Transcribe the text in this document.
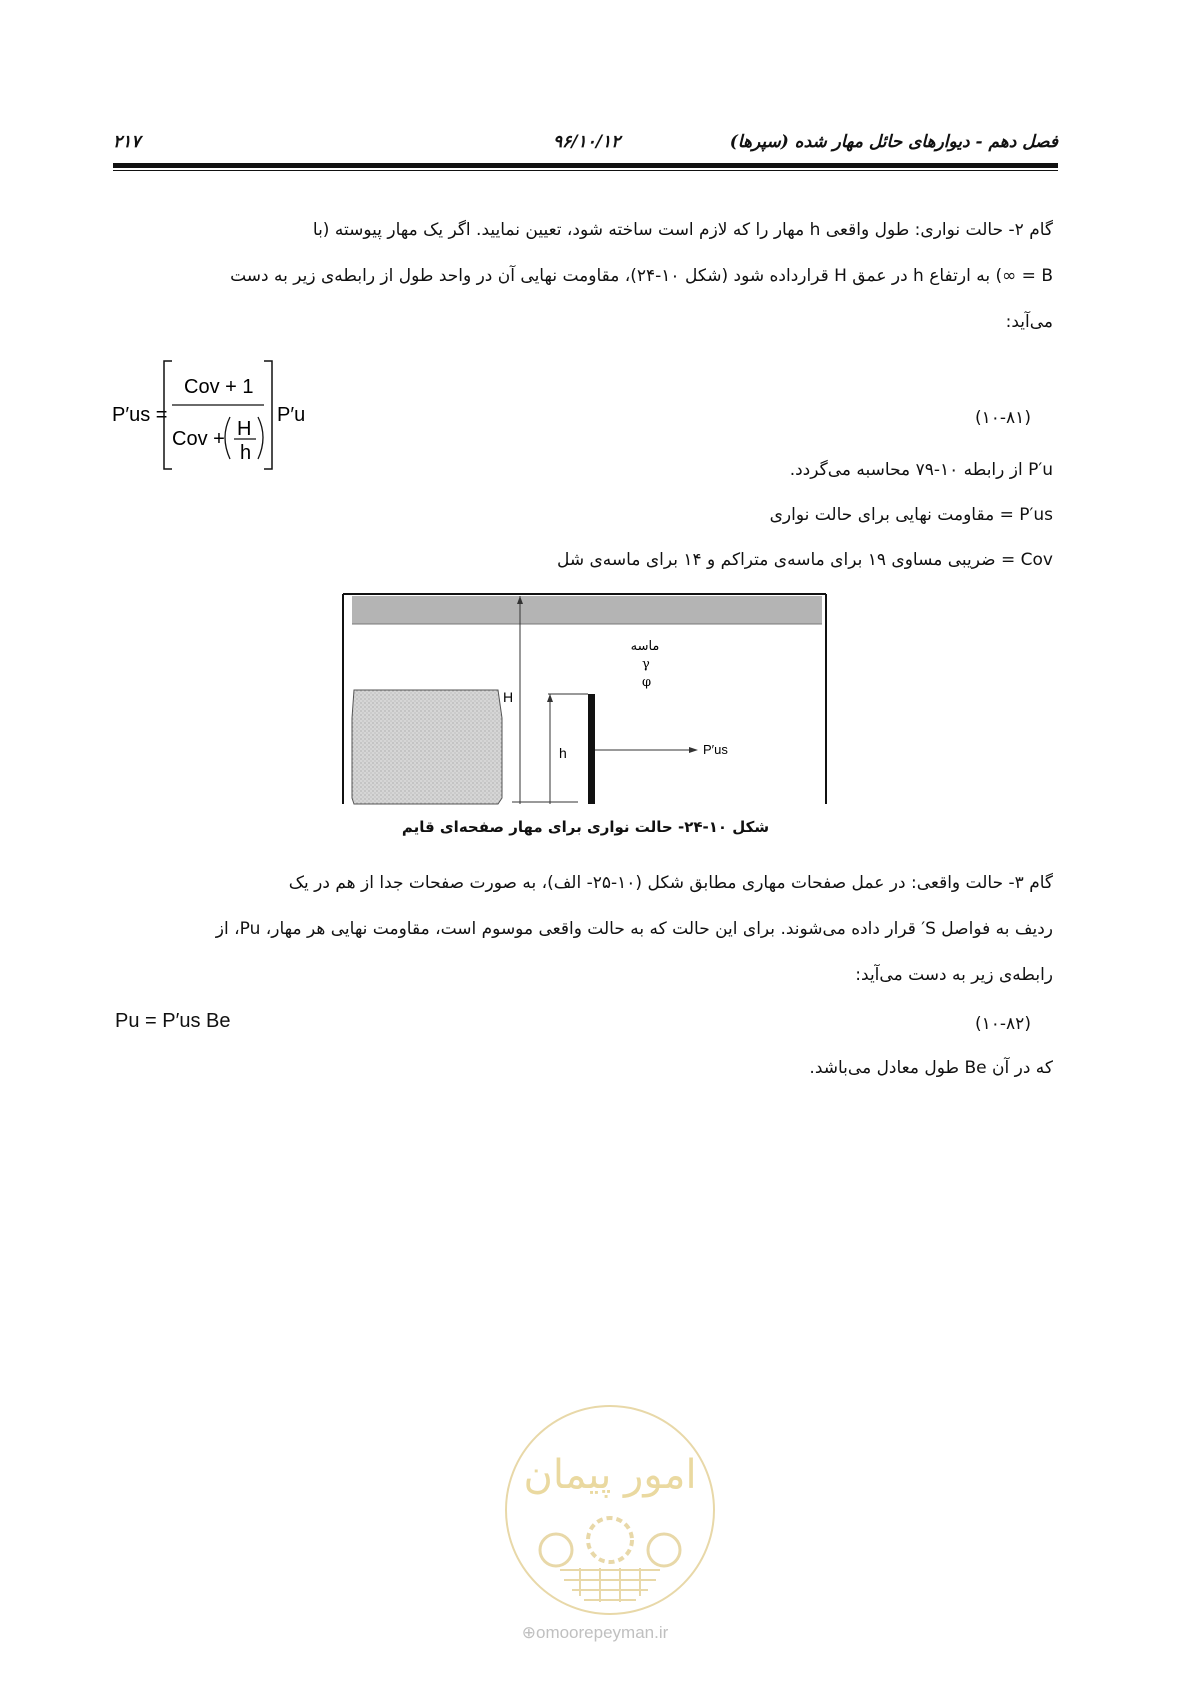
فصل دهم - دیوارهای حائل مهار شده (سپرها)
۹۶/۱۰/۱۲
۲۱۷
گام ۲- حالت نواری: طول واقعی h مهار را که لازم است ساخته شود، تعیین نمایید. اگر یک مهار پیوسته (با
B = ∞) به ارتفاع h در عمق H قرارداده شود (شکل ۱۰-۲۴)، مقاومت نهایی آن در واحد طول از رابطه‌ی زیر به دست
می‌آید:
P′us =
Cov + 1
Cov + H
h
P′u	(۱۰-۸۱)
P′u از رابطه ۱۰-۷۹ محاسبه می‌گردد.
P′us = مقاومت نهایی برای حالت نواری
Cov = ضریبی مساوی ۱۹ برای ماسه‌ی متراکم و ۱۴ برای ماسه‌ی شل
H
h	P′us
ماسه
γ
φ
شکل ۱۰-۲۴- حالت نواری برای مهار صفحه‌ای قایم
گام ۳- حالت واقعی: در عمل صفحات مهاری مطابق شکل (۱۰-۲۵- الف)، به صورت صفحات جدا از هم در یک
ردیف به فواصل S′ قرار داده می‌شوند. برای این حالت که به حالت واقعی موسوم است، مقاومت نهایی هر مهار، Pu، از
رابطه‌ی زیر به دست می‌آید:
Pu = P′us Be	(۱۰-۸۲)
که در آن Be طول معادل می‌باشد.
امور پیمان
⊕omoorepeyman.ir
